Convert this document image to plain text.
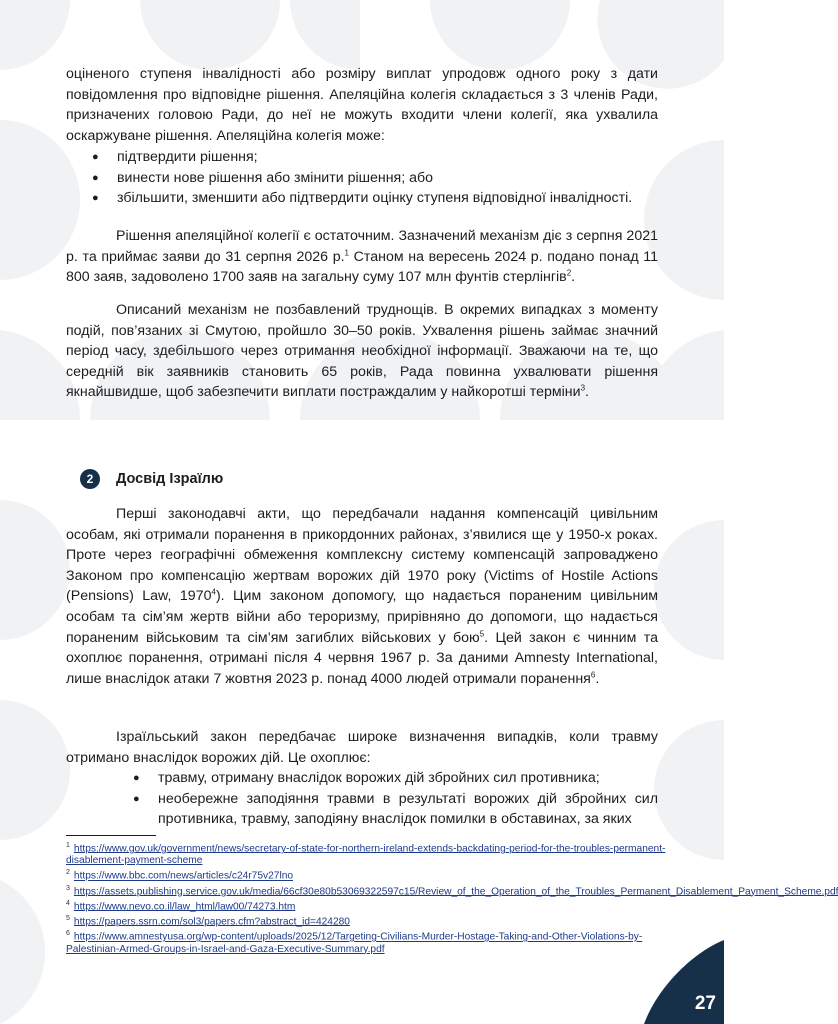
оціненого ступеня інвалідності або розміру виплат упродовж одного року з дати повідомлення про відповідне рішення. Апеляційна колегія складається з 3 членів Ради, призначених головою Ради, до неї не можуть входити члени колегії, яка ухвалила оскаржуване рішення. Апеляційна колегія може:

● підтвердити рішення;
● винести нове рішення або змінити рішення; або
● збільшити, зменшити або підтвердити оцінку ступеня відповідної інвалідності.

Рішення апеляційної колегії є остаточним. Зазначений механізм діє з серпня 2021 р. та приймає заяви до 31 серпня 2026 р.$^1$ Станом на вересень 2024 р. подано понад 11 800 заяв, задоволено 1700 заяв на загальну суму 107 млн фунтів стерлінгів$^2$.

Описаний механізм не позбавлений труднощів. В окремих випадках з моменту подій, пов’язаних зі Смутою, пройшло 30–50 років. Ухвалення рішень займає значний період часу, здебільшого через отримання необхідної інформації. Зважаючи на те, що середній вік заявників становить 65 років, Рада повинна ухвалювати рішення якнайшвидше, щоб забезпечити виплати постраждалим у найкоротші терміни$^3$.

2	Досвід Ізраїлю

Перші законодавчі акти, що передбачали надання компенсацій цивільним особам, які отримали поранення в прикордонних районах, з’явилися ще у 1950-х роках. Проте через географічні обмеження комплексну систему компенсацій запроваджено Законом про компенсацію жертвам ворожих дій 1970 року (Victims of Hostile Actions (Pensions) Law, 1970$^4$). Цим законом допомогу, що надається пораненим цивільним особам та сім’ям жертв війни або тероризму, прирівняно до допомоги, що надається пораненим військовим та сім’ям загиблих військових у бою$^5$. Цей закон є чинним та охоплює поранення, отримані після 4 червня 1967 р. За даними Amnesty International, лише внаслідок атаки 7 жовтня 2023 р. понад 4000 людей отримали поранення$^6$.

Ізраїльський закон передбачає широке визначення випадків, коли травму отримано внаслідок ворожих дій. Це охоплює:

● травму, отриману внаслідок ворожих дій збройних сил противника;
● необережне заподіяння травми в результаті ворожих дій збройних сил противника, травму, заподіяну внаслідок помилки в обставинах, за яких

$^1$ https://www.gov.uk/government/news/secretary-of-state-for-northern-ireland-extends-backdating-period-for-the-troubles-permanent-disablement-payment-scheme

$^2$ https://www.bbc.com/news/articles/c24r75v27lno

$^3$ https://assets.publishing.service.gov.uk/media/66cf30e80b53069322597c15/Review_of_the_Operation_of_the_Troubles_Permanent_Disablement_Payment_Scheme.pdf

$^4$ https://www.nevo.co.il/law_html/law00/74273.htm

$^5$ https://papers.ssrn.com/sol3/papers.cfm?abstract_id=424280

$^6$ https://www.amnestyusa.org/wp-content/uploads/2025/12/Targeting-Civilians-Murder-Hostage-Taking-and-Other-Violations-by-Palestinian-Armed-Groups-in-Israel-and-Gaza-Executive-Summary.pdf

27
